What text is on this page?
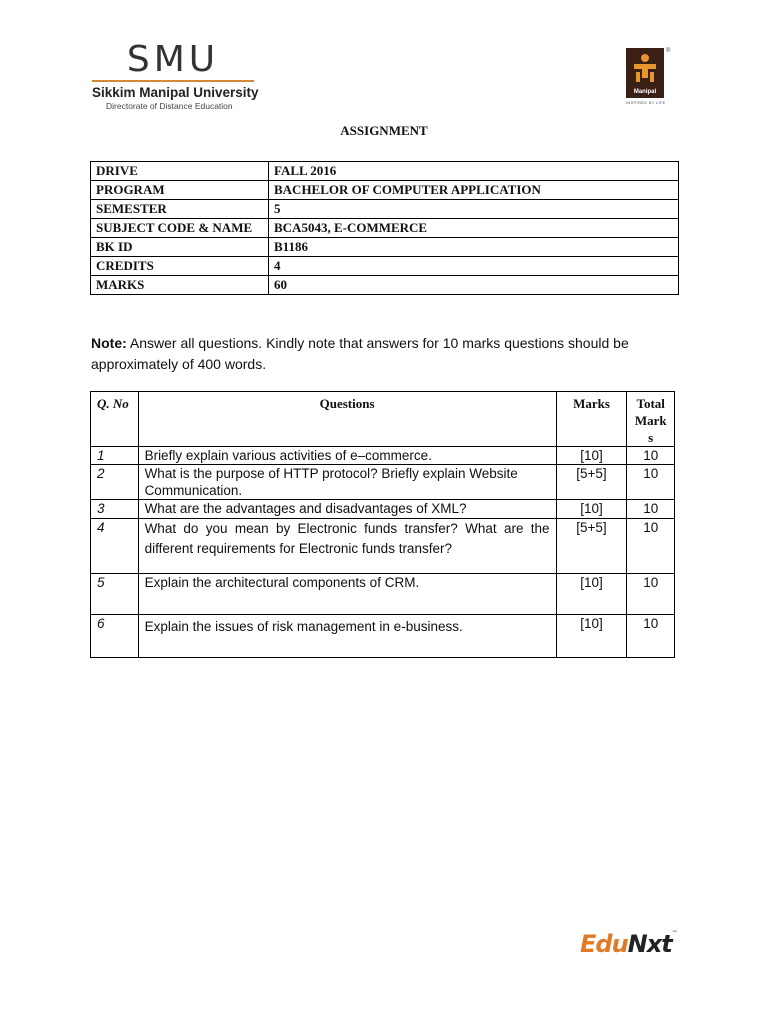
SMU
Sikkim Manipal University
Directorate of Distance Education
Manipal
®
INSPIRED BY LIFE
ASSIGNMENT
DRIVE	FALL 2016
PROGRAM	BACHELOR OF COMPUTER APPLICATION
SEMESTER	5
SUBJECT CODE & NAME	BCA5043, E-COMMERCE
BK ID	B1186
CREDITS	4
MARKS	60
Note: Answer all questions. Kindly note that answers for 10 marks questions should be approximately of 400 words.
Q. No	Questions	Marks	Total Mark s
1	Briefly explain various activities of e–commerce.	[10]	10
2	What is the purpose of HTTP protocol? Briefly explain Website Communication.	[5+5]	10
3	What are the advantages and disadvantages of XML?	[10]	10
4	What do you mean by Electronic funds transfer? What are the different requirements for Electronic funds transfer?	[5+5]	10
5	Explain the architectural components of CRM.	[10]	10
6	Explain the issues of risk management in e-business.	[10]	10
EduNxt™
